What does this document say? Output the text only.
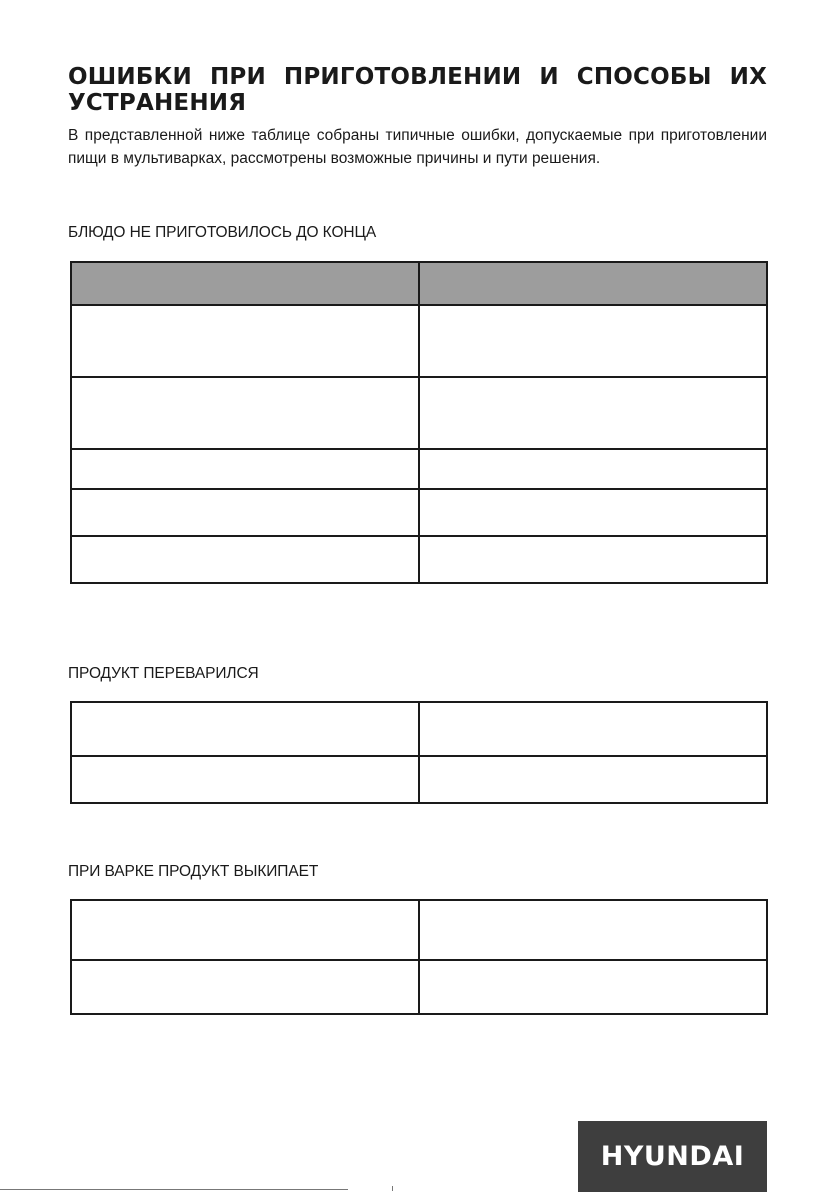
ОШИБКИ ПРИ ПРИГОТОВЛЕНИИ И СПОСОБЫ ИХ УСТРАНЕНИЯ

В представленной ниже таблице собраны типичные ошибки, допускаемые при приготовлении пищи в мультиварках, рассмотрены возможные причины и пути решения.

БЛЮДО НЕ ПРИГОТОВИЛОСЬ ДО КОНЦА

ПРОДУКТ ПЕРЕВАРИЛСЯ

ПРИ ВАРКЕ ПРОДУКТ ВЫКИПАЕТ

HYUNDAI
